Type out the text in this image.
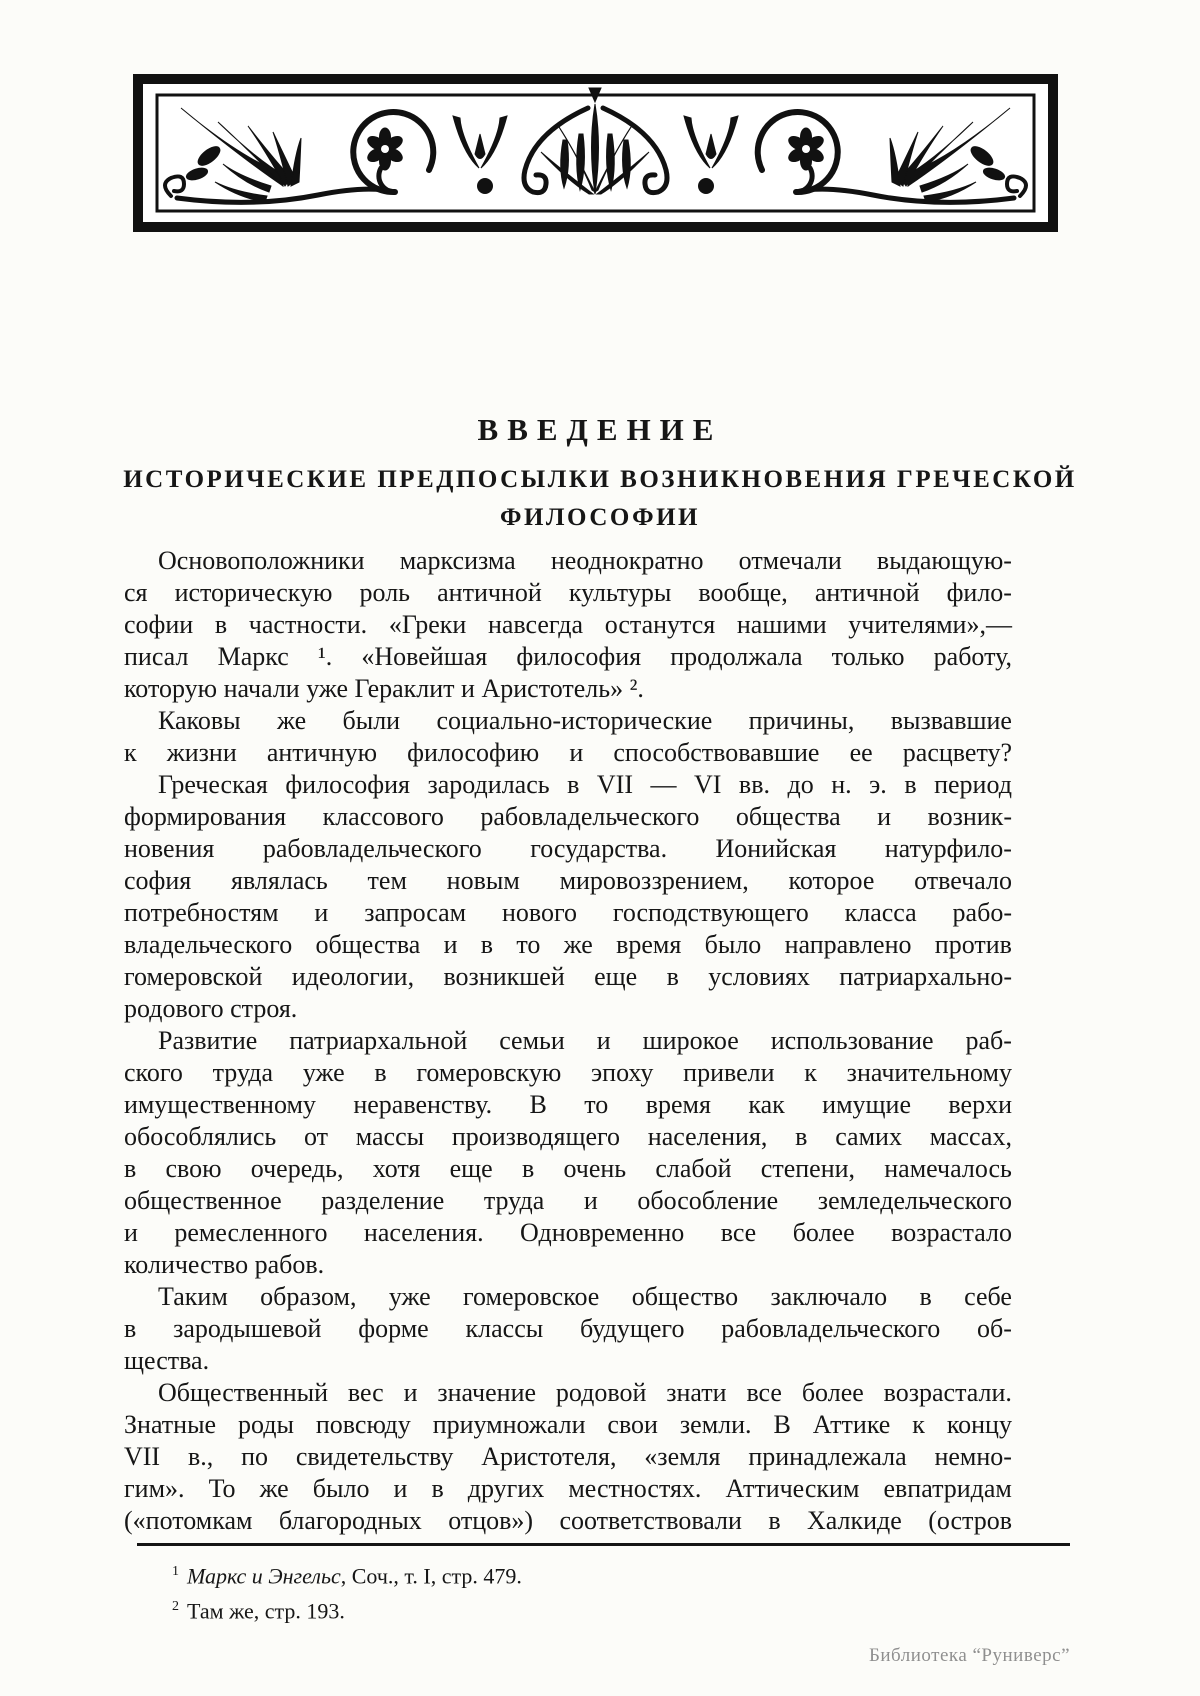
ВВЕДЕНИЕ
ИСТОРИЧЕСКИЕ ПРЕДПОСЫЛКИ ВОЗНИКНОВЕНИЯ ГРЕЧЕСКОЙ
ФИЛОСОФИИ
Основоположники марксизма неоднократно отмечали выдающую-
ся историческую роль античной культуры вообще, античной фило-
софии в частности. «Греки навсегда останутся нашими учителями»,—
писал Маркс ¹. «Новейшая философия продолжала только работу,
которую начали уже Гераклит и Аристотель» ².
Каковы же были социально-исторические причины, вызвавшие
к жизни античную философию и способствовавшие ее расцвету?
Греческая философия зародилась в VII — VI вв. до н. э. в период
формирования классового рабовладельческого общества и возник-
новения рабовладельческого государства. Ионийская натурфило-
софия являлась тем новым мировоззрением, которое отвечало
потребностям и запросам нового господствующего класса рабо-
владельческого общества и в то же время было направлено против
гомеровской идеологии, возникшей еще в условиях патриархально-
родового строя.
Развитие патриархальной семьи и широкое использование раб-
ского труда уже в гомеровскую эпоху привели к значительному
имущественному неравенству. В то время как имущие верхи
обособлялись от массы производящего населения, в самих массах,
в свою очередь, хотя еще в очень слабой степени, намечалось
общественное разделение труда и обособление земледельческого
и ремесленного населения. Одновременно все более возрастало
количество рабов.
Таким образом, уже гомеровское общество заключало в себе
в зародышевой форме классы будущего рабовладельческого об-
щества.
Общественный вес и значение родовой знати все более возрастали.
Знатные роды повсюду приумножали свои земли. В Аттике к концу
VII в., по свидетельству Аристотеля, «земля принадлежала немно-
гим». То же было и в других местностях. Аттическим евпатридам
(«потомкам благородных отцов») соответствовали в Халкиде (остров
$^1$ Маркс и Энгельс, Соч., т. I, стр. 479.
$^2$ Там же, стр. 193.
Библиотека “Руниверс”
